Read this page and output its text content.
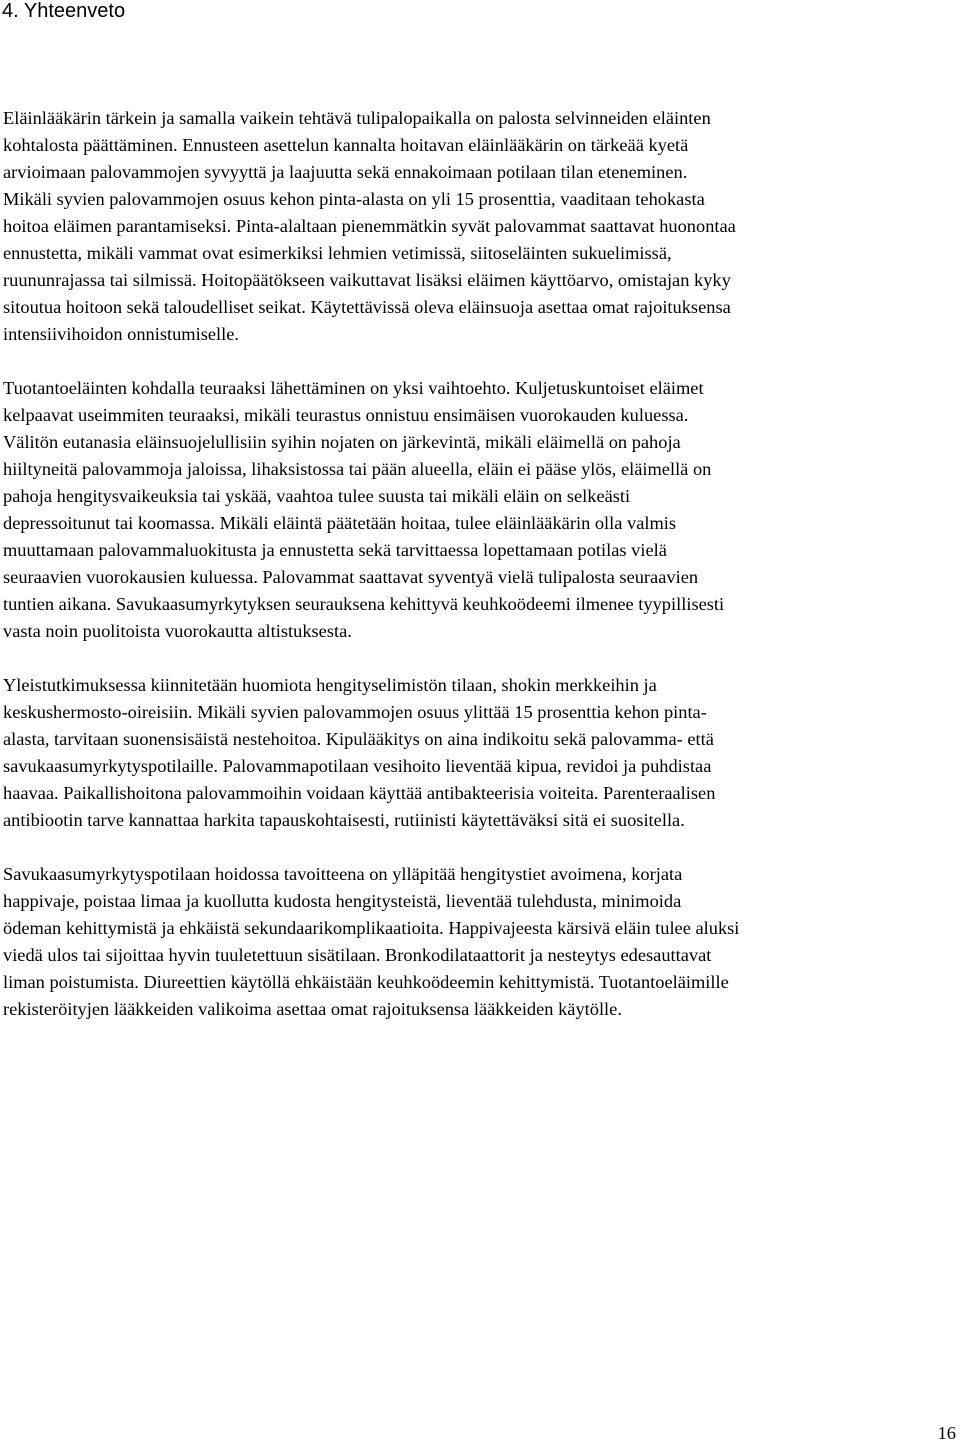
4. Yhteenveto
Eläinlääkärin tärkein ja samalla vaikein tehtävä tulipalopaikalla on palosta selvinneiden eläinten
kohtalosta päättäminen. Ennusteen asettelun kannalta hoitavan eläinlääkärin on tärkeää kyetä
arvioimaan palovammojen syvyyttä ja laajuutta sekä ennakoimaan potilaan tilan eteneminen.
Mikäli syvien palovammojen osuus kehon pinta-alasta on yli 15 prosenttia, vaaditaan tehokasta
hoitoa eläimen parantamiseksi. Pinta-alaltaan pienemmätkin syvät palovammat saattavat huonontaa
ennustetta, mikäli vammat ovat esimerkiksi lehmien vetimissä, siitoseläinten sukuelimissä,
ruununrajassa tai silmissä. Hoitopäätökseen vaikuttavat lisäksi eläimen käyttöarvo, omistajan kyky
sitoutua hoitoon sekä taloudelliset seikat. Käytettävissä oleva eläinsuoja asettaa omat rajoituksensa
intensiivihoidon onnistumiselle.
Tuotantoeläinten kohdalla teuraaksi lähettäminen on yksi vaihtoehto. Kuljetuskuntoiset eläimet
kelpaavat useimmiten teuraaksi, mikäli teurastus onnistuu ensimäisen vuorokauden kuluessa.
Välitön eutanasia eläinsuojelullisiin syihin nojaten on järkevintä, mikäli eläimellä on pahoja
hiiltyneitä palovammoja jaloissa, lihaksistossa tai pään alueella, eläin ei pääse ylös, eläimellä on
pahoja hengitysvaikeuksia tai yskää, vaahtoa tulee suusta tai mikäli eläin on selkeästi
depressoitunut tai koomassa. Mikäli eläintä päätetään hoitaa, tulee eläinlääkärin olla valmis
muuttamaan palovammaluokitusta ja ennustetta sekä tarvittaessa lopettamaan potilas vielä
seuraavien vuorokausien kuluessa. Palovammat saattavat syventyä vielä tulipalosta seuraavien
tuntien aikana. Savukaasumyrkytyksen seurauksena kehittyvä keuhkoödeemi ilmenee tyypillisesti
vasta noin puolitoista vuorokautta altistuksesta.
Yleistutkimuksessa kiinnitetään huomiota hengityselimistön tilaan, shokin merkkeihin ja
keskushermosto-oireisiin. Mikäli syvien palovammojen osuus ylittää 15 prosenttia kehon pinta-
alasta, tarvitaan suonensisäistä nestehoitoa. Kipulääkitys on aina indikoitu sekä palovamma- että
savukaasumyrkytyspotilaille. Palovammapotilaan vesihoito lieventää kipua, revidoi ja puhdistaa
haavaa. Paikallishoitona palovammoihin voidaan käyttää antibakteerisia voiteita. Parenteraalisen
antibiootin tarve kannattaa harkita tapauskohtaisesti, rutiinisti käytettäväksi sitä ei suositella.
Savukaasumyrkytyspotilaan hoidossa tavoitteena on ylläpitää hengitystiet avoimena, korjata
happivaje, poistaa limaa ja kuollutta kudosta hengitysteistä, lieventää tulehdusta, minimoida
ödeman kehittymistä ja ehkäistä sekundaarikomplikaatioita. Happivajeesta kärsivä eläin tulee aluksi
viedä ulos tai sijoittaa hyvin tuuletettuun sisätilaan. Bronkodilataattorit ja nesteytys edesauttavat
liman poistumista. Diureettien käytöllä ehkäistään keuhkoödeemin kehittymistä. Tuotantoeläimille
rekisteröityjen lääkkeiden valikoima asettaa omat rajoituksensa lääkkeiden käytölle.
16
